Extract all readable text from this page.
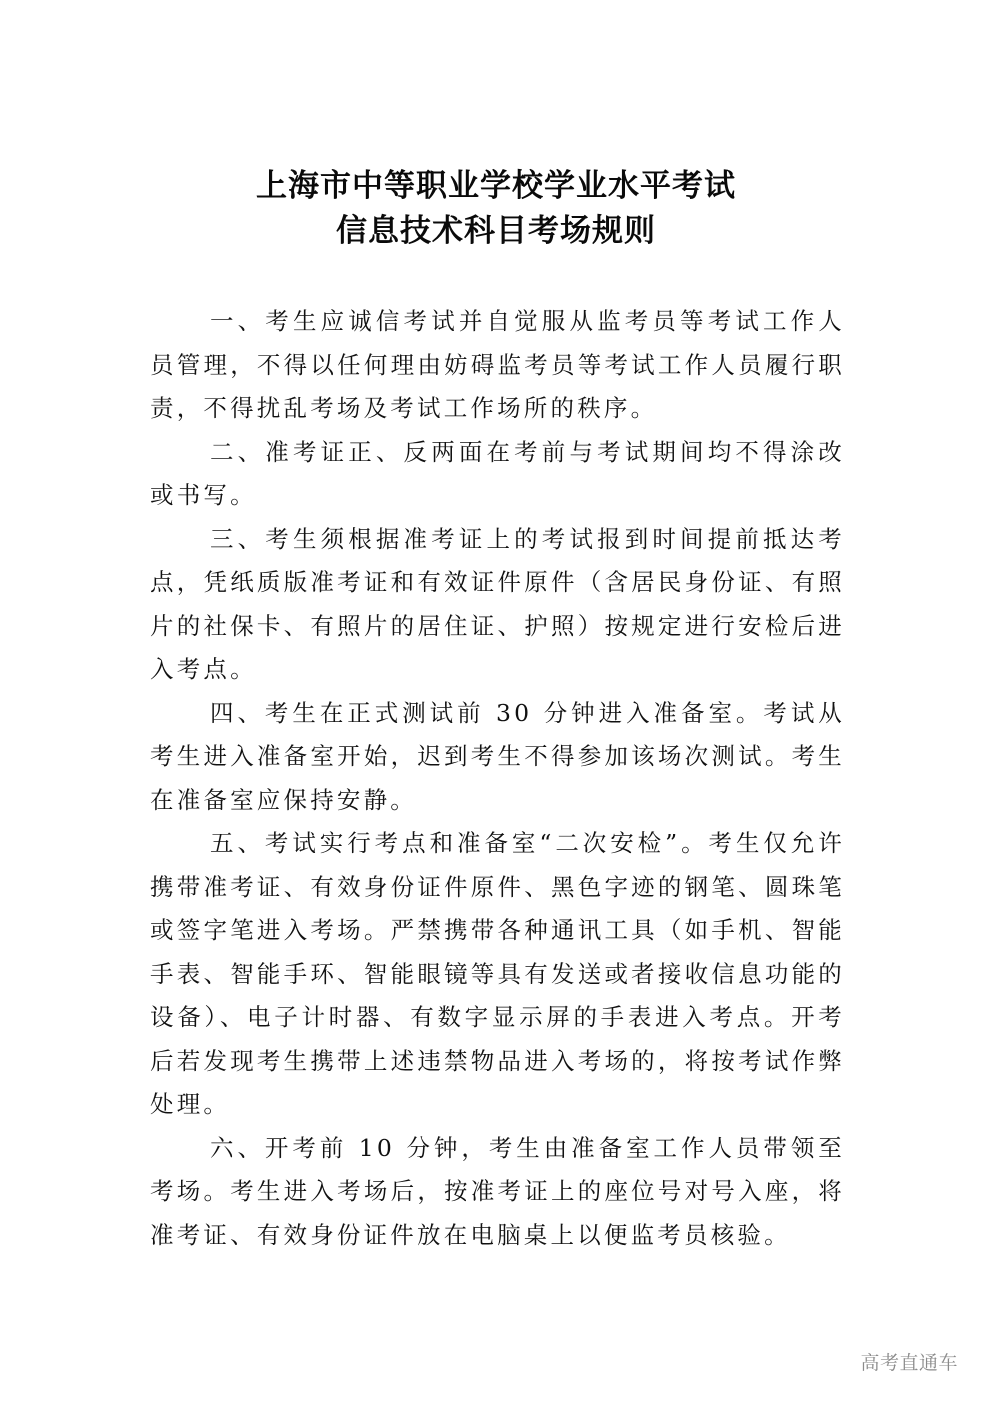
上海市中等职业学校学业水平考试
信息技术科目考场规则

一、考生应诚信考试并自觉服从监考员等考试工作人员管理，不得以任何理由妨碍监考员等考试工作人员履行职责，不得扰乱考场及考试工作场所的秩序。

二、准考证正、反两面在考前与考试期间均不得涂改或书写。

三、考生须根据准考证上的考试报到时间提前抵达考点，凭纸质版准考证和有效证件原件（含居民身份证、有照片的社保卡、有照片的居住证、护照）按规定进行安检后进入考点。

四、考生在正式测试前 30 分钟进入准备室。考试从考生进入准备室开始，迟到考生不得参加该场次测试。考生在准备室应保持安静。

五、考试实行考点和准备室“二次安检”。考生仅允许携带准考证、有效身份证件原件、黑色字迹的钢笔、圆珠笔或签字笔进入考场。严禁携带各种通讯工具（如手机、智能手表、智能手环、智能眼镜等具有发送或者接收信息功能的设备）、电子计时器、有数字显示屏的手表进入考点。开考后若发现考生携带上述违禁物品进入考场的，将按考试作弊处理。

六、开考前 10 分钟，考生由准备室工作人员带领至考场。考生进入考场后，按准考证上的座位号对号入座，将准考证、有效身份证件放在电脑桌上以便监考员核验。

高考直通车
